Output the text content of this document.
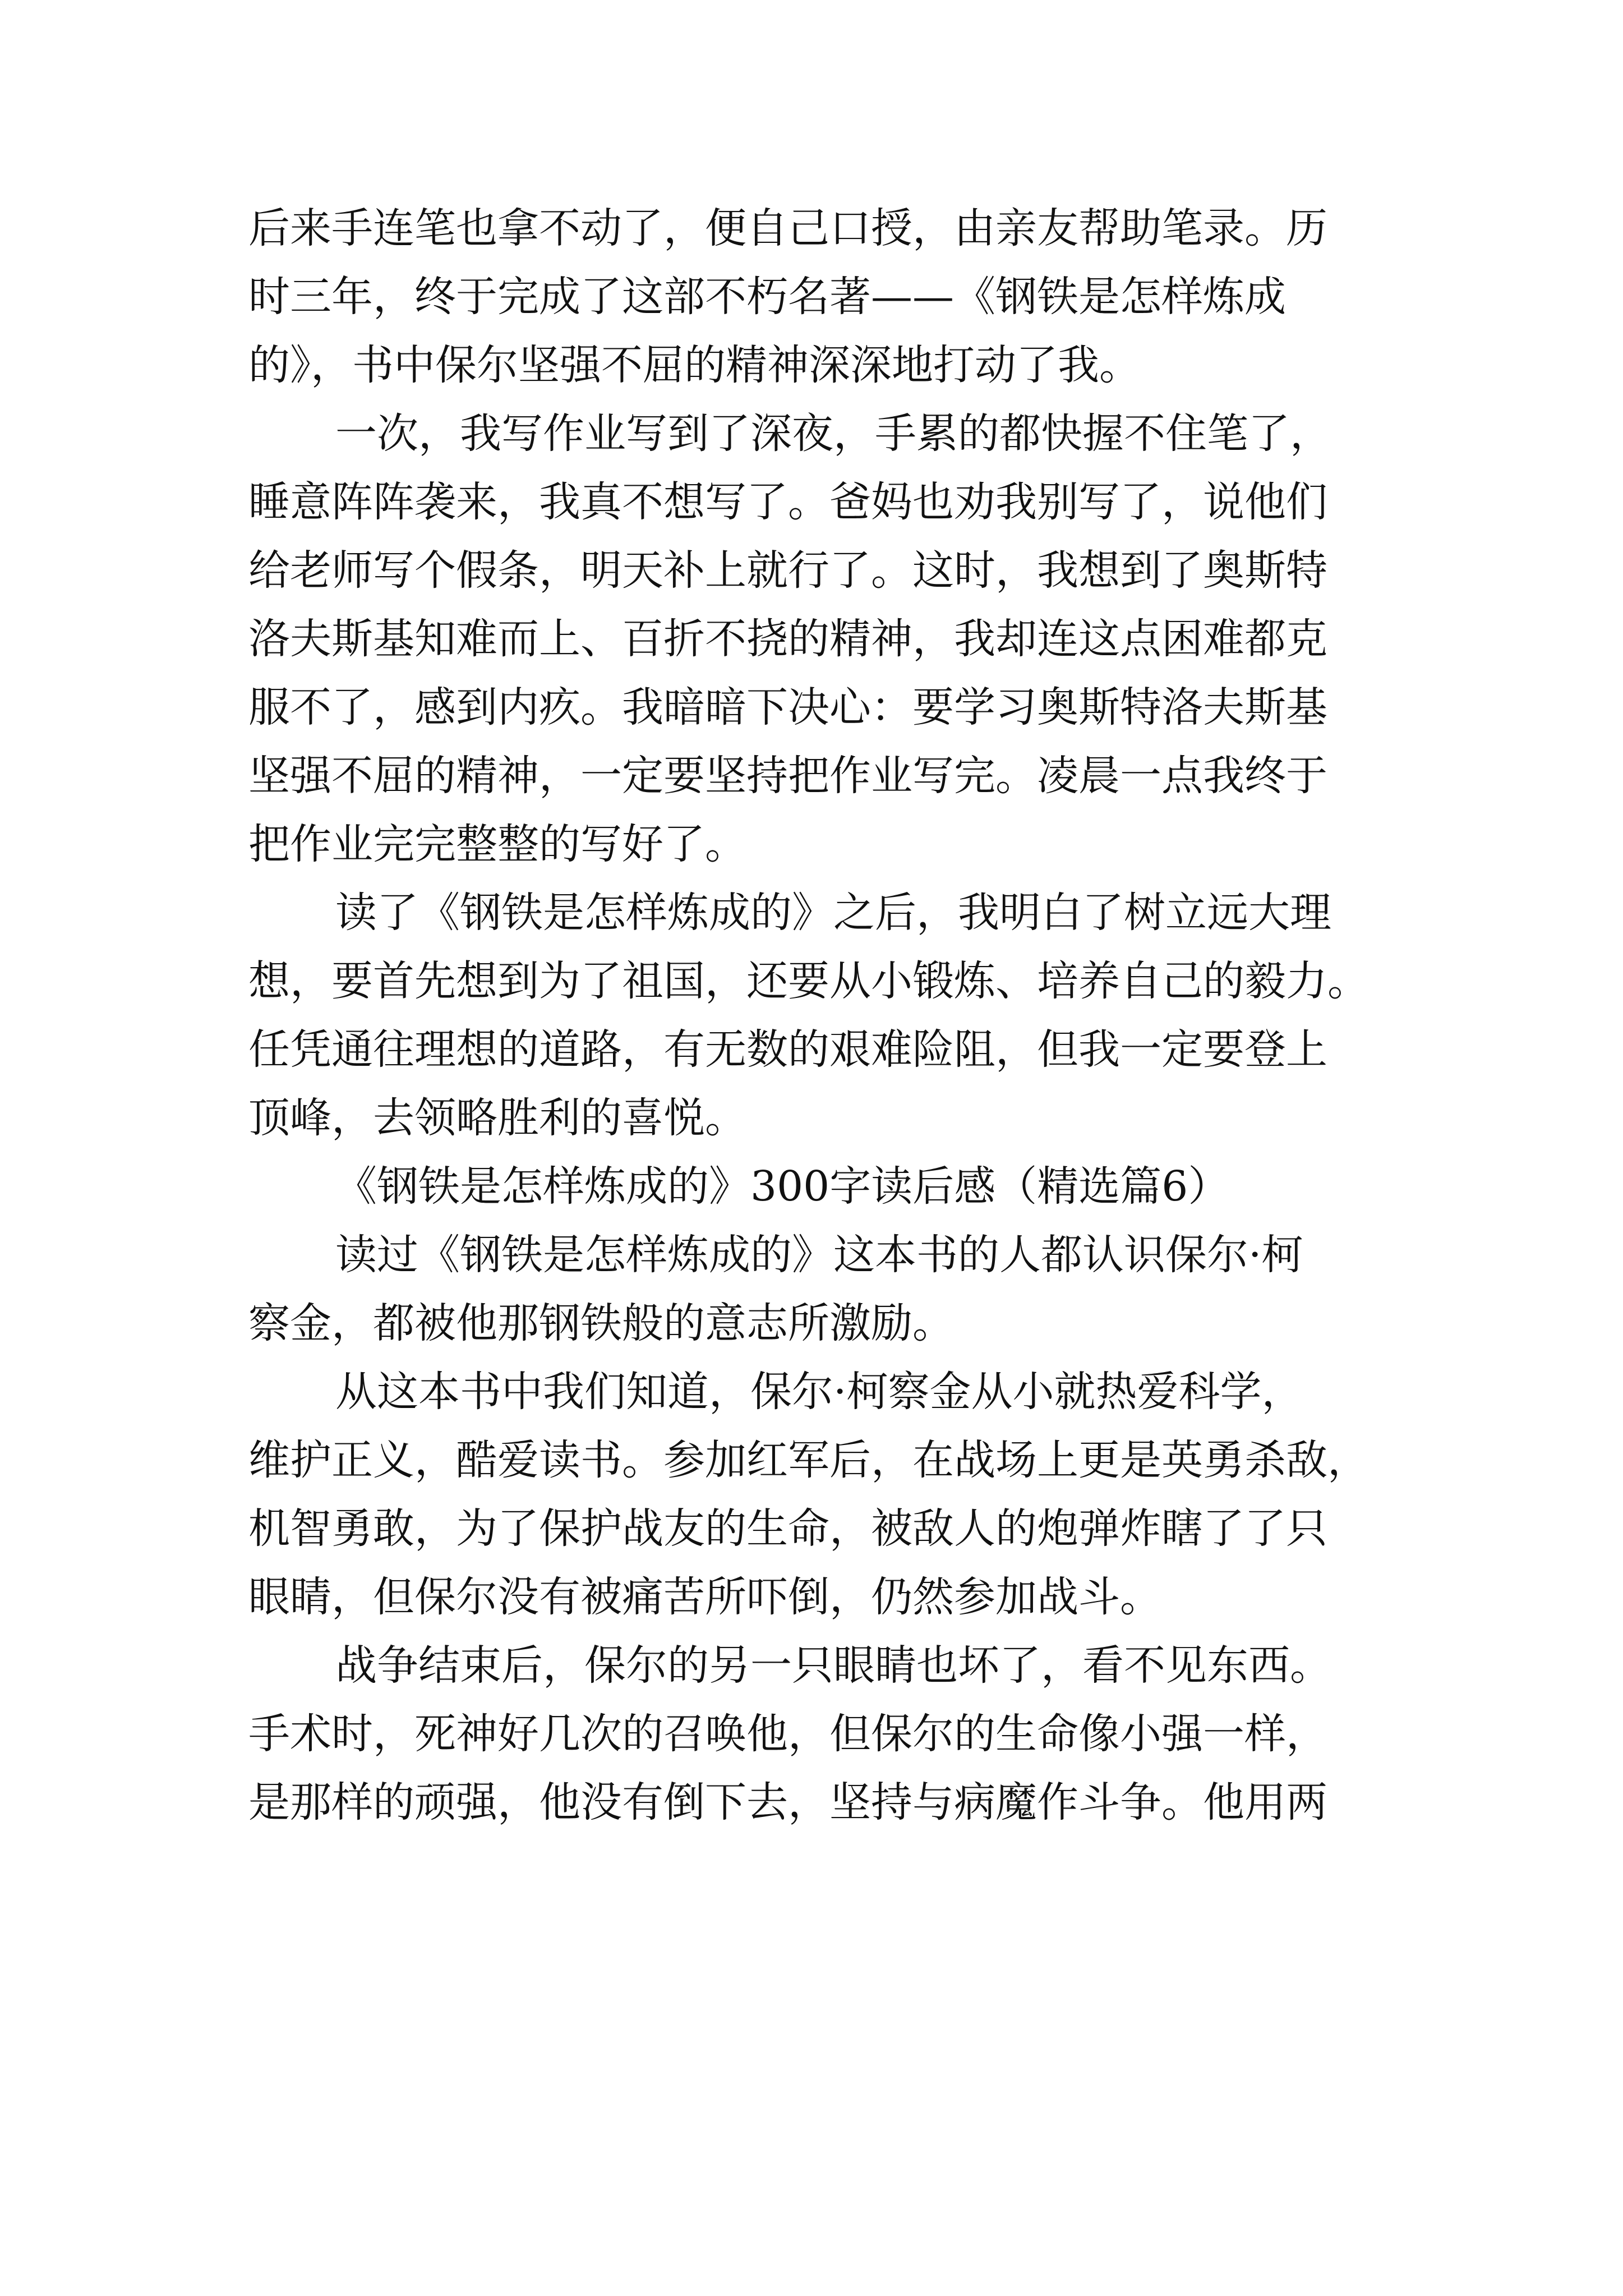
后来手连笔也拿不动了，便自己口授，由亲友帮助笔录。历
时三年，终于完成了这部不朽名著——《钢铁是怎样炼成
的》，书中保尔坚强不屈的精神深深地打动了我。
一次，我写作业写到了深夜，手累的都快握不住笔了，
睡意阵阵袭来，我真不想写了。爸妈也劝我别写了，说他们
给老师写个假条，明天补上就行了。这时，我想到了奥斯特
洛夫斯基知难而上、百折不挠的精神，我却连这点困难都克
服不了，感到内疚。我暗暗下决心：要学习奥斯特洛夫斯基
坚强不屈的精神，一定要坚持把作业写完。凌晨一点我终于
把作业完完整整的写好了。
读了《钢铁是怎样炼成的》之后，我明白了树立远大理
想，要首先想到为了祖国，还要从小锻炼、培养自己的毅力。
任凭通往理想的道路，有无数的艰难险阻，但我一定要登上
顶峰，去领略胜利的喜悦。
《钢铁是怎样炼成的》300字读后感（精选篇6）
读过《钢铁是怎样炼成的》这本书的人都认识保尔·柯
察金，都被他那钢铁般的意志所激励。
从这本书中我们知道，保尔·柯察金从小就热爱科学，
维护正义，酷爱读书。参加红军后，在战场上更是英勇杀敌，
机智勇敢，为了保护战友的生命，被敌人的炮弹炸瞎了了只
眼睛，但保尔没有被痛苦所吓倒，仍然参加战斗。
战争结束后，保尔的另一只眼睛也坏了，看不见东西。
手术时，死神好几次的召唤他，但保尔的生命像小强一样，
是那样的顽强，他没有倒下去，坚持与病魔作斗争。他用两
